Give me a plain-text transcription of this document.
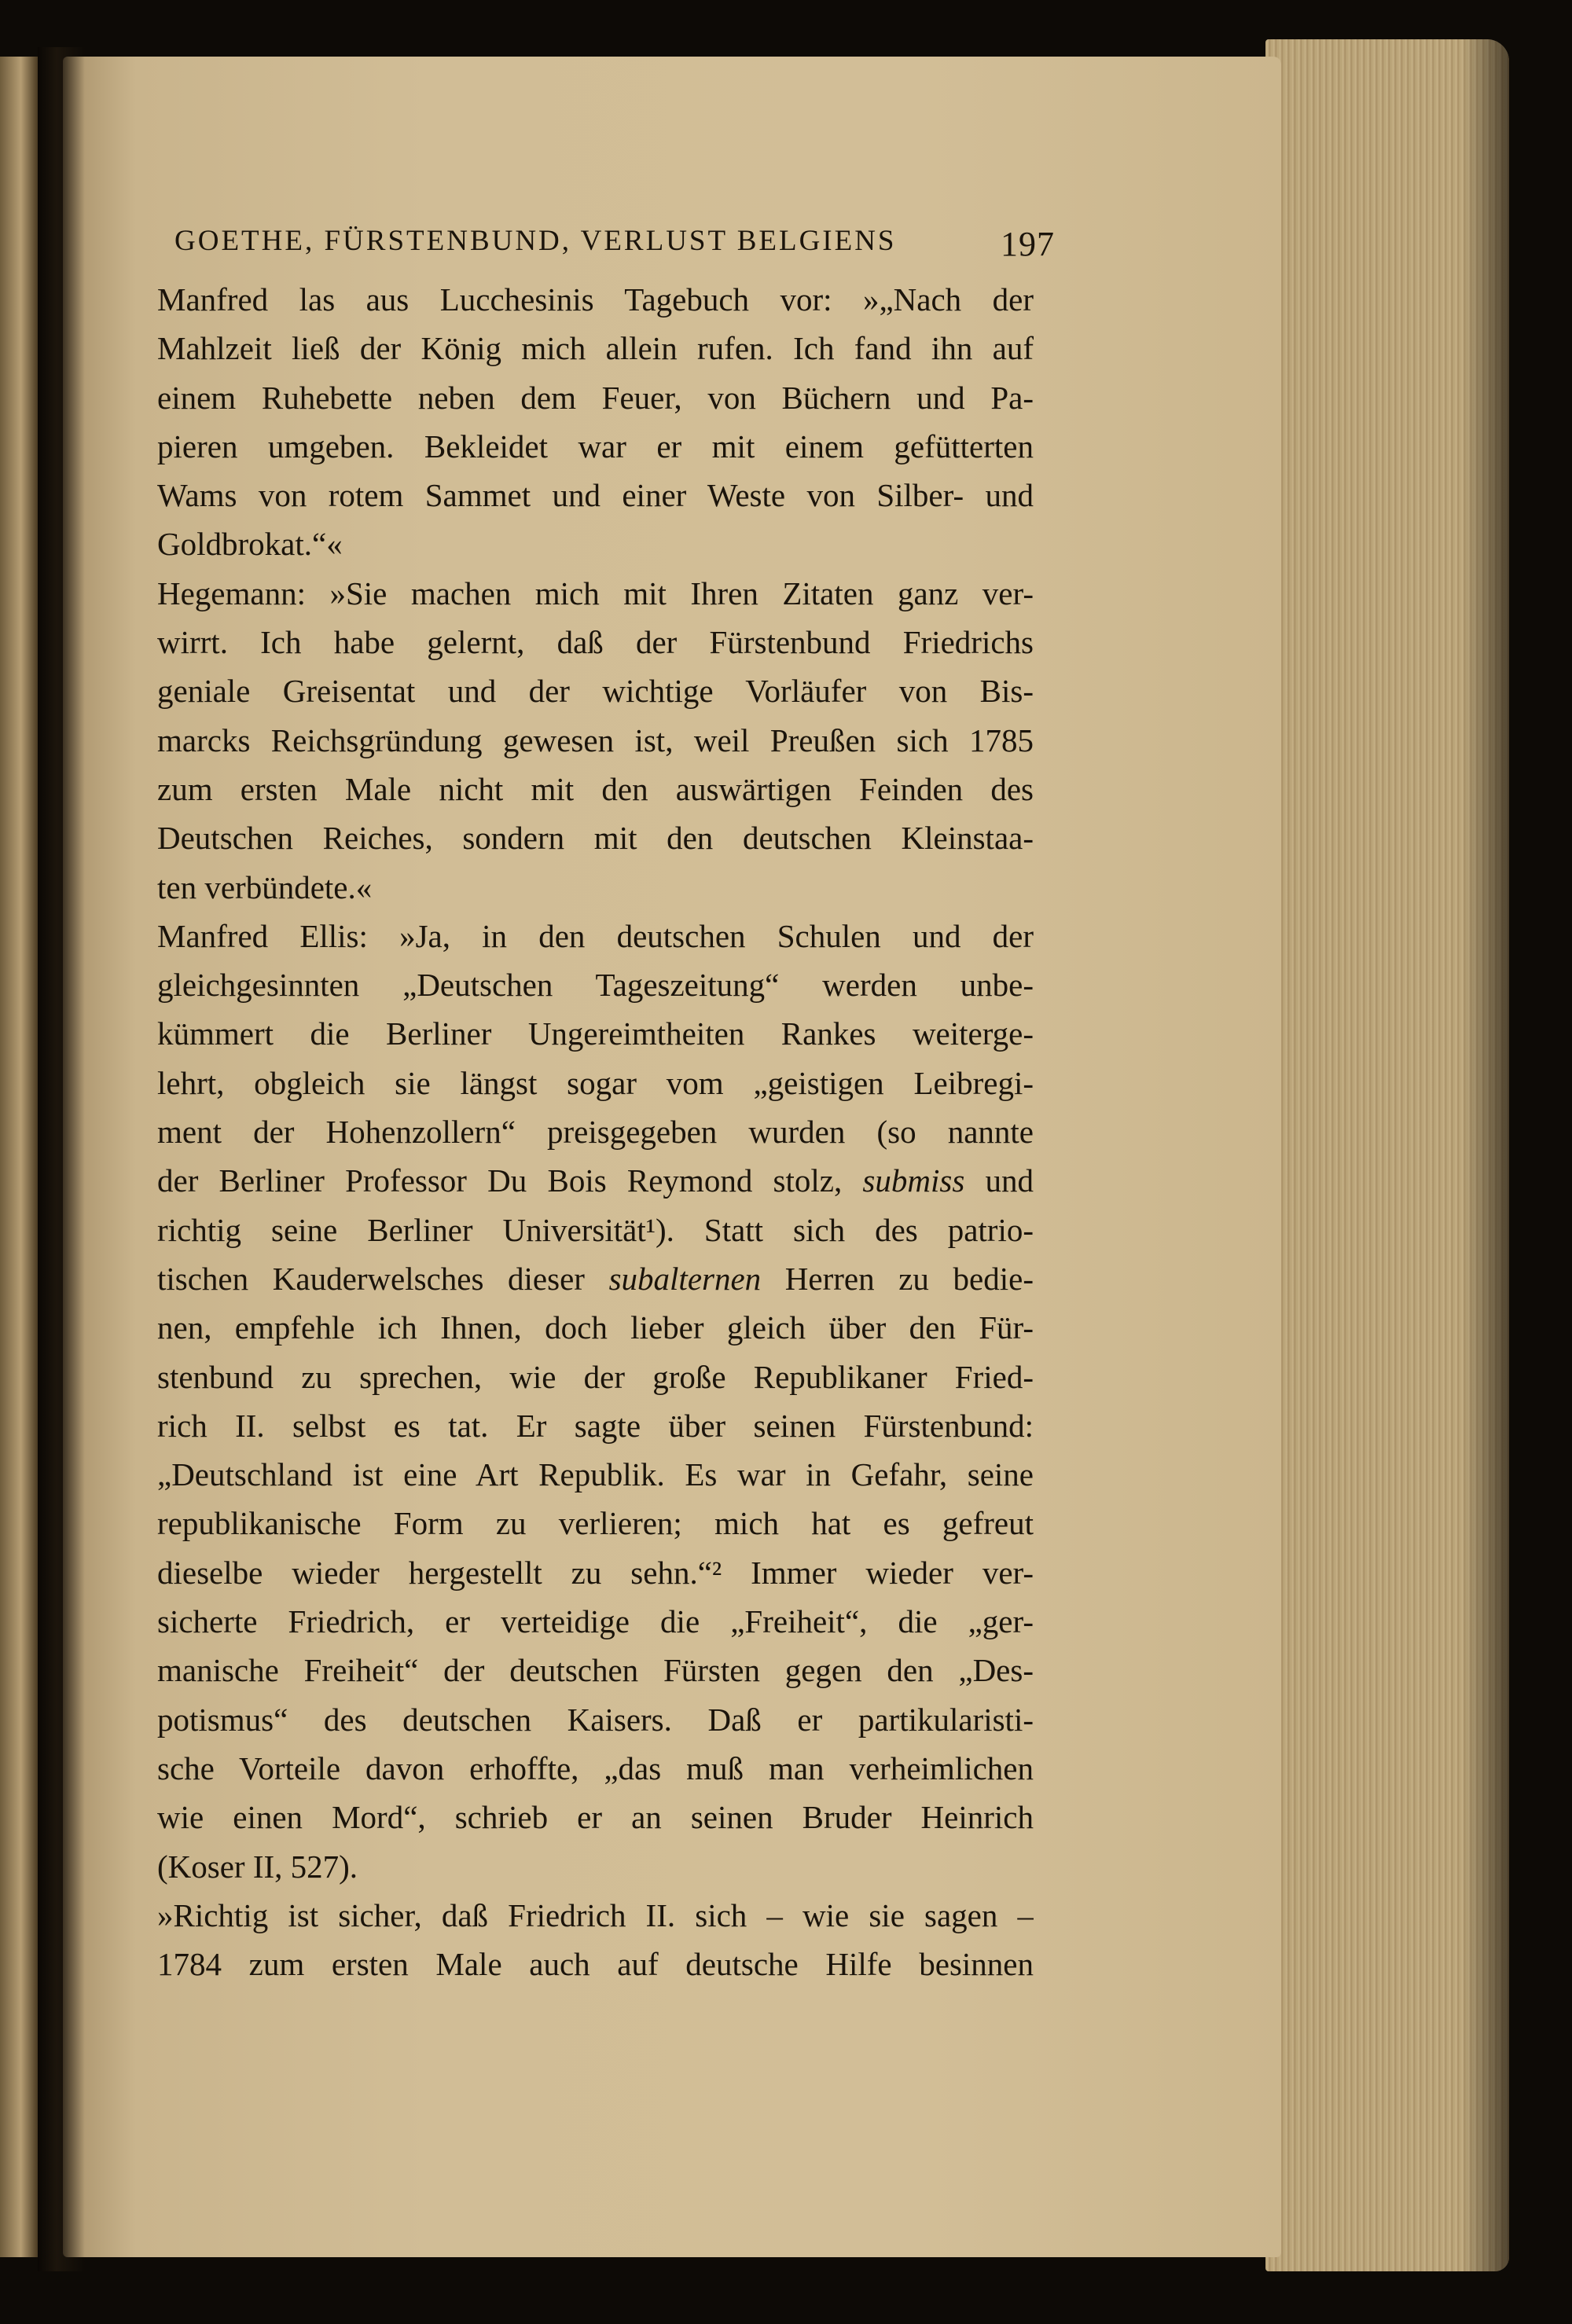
GOETHE, FÜRSTENBUND, VERLUST BELGIENS	197
Manfred las aus Lucchesinis Tagebuch vor: »„Nach der
Mahlzeit ließ der König mich allein rufen. Ich fand ihn auf
einem Ruhebette neben dem Feuer, von Büchern und Pa-
pieren umgeben. Bekleidet war er mit einem gefütterten
Wams von rotem Sammet und einer Weste von Silber- und
Goldbrokat.“«
Hegemann: »Sie machen mich mit Ihren Zitaten ganz ver-
wirrt. Ich habe gelernt, daß der Fürstenbund Friedrichs
geniale Greisentat und der wichtige Vorläufer von Bis-
marcks Reichsgründung gewesen ist, weil Preußen sich 1785
zum ersten Male nicht mit den auswärtigen Feinden des
Deutschen Reiches, sondern mit den deutschen Kleinstaa-
ten verbündete.«
Manfred Ellis: »Ja, in den deutschen Schulen und der
gleichgesinnten „Deutschen Tageszeitung“ werden unbe-
kümmert die Berliner Ungereimtheiten Rankes weiterge-
lehrt, obgleich sie längst sogar vom „geistigen Leibregi-
ment der Hohenzollern“ preisgegeben wurden (so nannte
der Berliner Professor Du Bois Reymond stolz, submiss und
richtig seine Berliner Universität¹). Statt sich des patrio-
tischen Kauderwelsches dieser subalternen Herren zu bedie-
nen, empfehle ich Ihnen, doch lieber gleich über den Für-
stenbund zu sprechen, wie der große Republikaner Fried-
rich II. selbst es tat. Er sagte über seinen Fürstenbund:
„Deutschland ist eine Art Republik. Es war in Gefahr, seine
republikanische Form zu verlieren; mich hat es gefreut
dieselbe wieder hergestellt zu sehn.“² Immer wieder ver-
sicherte Friedrich, er verteidige die „Freiheit“, die „ger-
manische Freiheit“ der deutschen Fürsten gegen den „Des-
potismus“ des deutschen Kaisers. Daß er partikularisti-
sche Vorteile davon erhoffte, „das muß man verheimlichen
wie einen Mord“, schrieb er an seinen Bruder Heinrich
(Koser II, 527).
»Richtig ist sicher, daß Friedrich II. sich – wie sie sagen –
1784 zum ersten Male auch auf deutsche Hilfe besinnen
